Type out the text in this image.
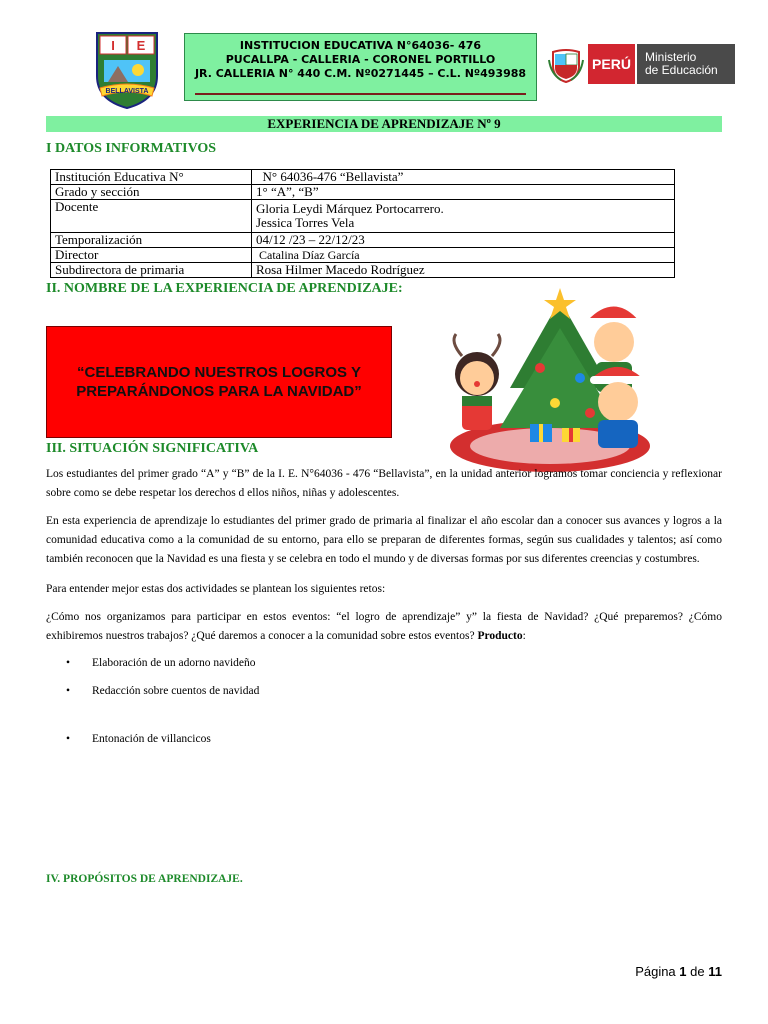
I E
BELLAVISTA
INSTITUCION EDUCATIVA N°64036- 476
PUCALLPA - CALLERIA - CORONEL PORTILLO
JR. CALLERIA N° 440 C.M. Nº0271445 – C.L. Nº493988
PERÚ	Ministerio
de Educación
EXPERIENCIA DE APRENDIZAJE Nº 9
I DATOS INFORMATIVOS
Institución Educativa N°	N° 64036-476 “Bellavista”
Grado y sección	1° “A”, “B”
Docente	Gloria Leydi Márquez Portocarrero.
Jessica Torres Vela

Temporalización	04/12 /23 – 22/12/23
Director	Catalina Díaz García
Subdirectora de primaria	Rosa Hilmer Macedo Rodríguez
II. NOMBRE DE LA EXPERIENCIA DE APRENDIZAJE:
“CELEBRANDO NUESTROS LOGROS Y PREPARÁNDONOS PARA LA NAVIDAD”
III. SITUACIÓN SIGNIFICATIVA
Los estudiantes del primer grado “A” y “B” de la I. E. N°64036 - 476 “Bellavista”, en la unidad anterior logramos tomar conciencia y reflexionar sobre como se debe respetar los derechos d ellos niños, niñas y adolescentes.
En esta experiencia de aprendizaje lo estudiantes del primer grado de primaria al finalizar el año escolar dan a conocer sus avances y logros a la comunidad educativa como a la comunidad de su entorno, para ello se preparan de diferentes formas, según sus cualidades y talentos; así como también reconocen que la Navidad es una fiesta y se celebra en todo el mundo y de diversas formas por sus diferentes creencias y costumbres.
Para entender mejor estas dos actividades se plantean los siguientes retos:
¿Cómo nos organizamos para participar en estos eventos: “el logro de aprendizaje” y” la fiesta de Navidad? ¿Qué preparemos? ¿Cómo exhibiremos nuestros trabajos? ¿Qué daremos a conocer a la comunidad sobre estos eventos? Producto:
• Elaboración de un adorno navideño
• Redacción sobre cuentos de navidad
• Entonación de villancicos
IV. PROPÓSITOS DE APRENDIZAJE.
Página 1 de 11
